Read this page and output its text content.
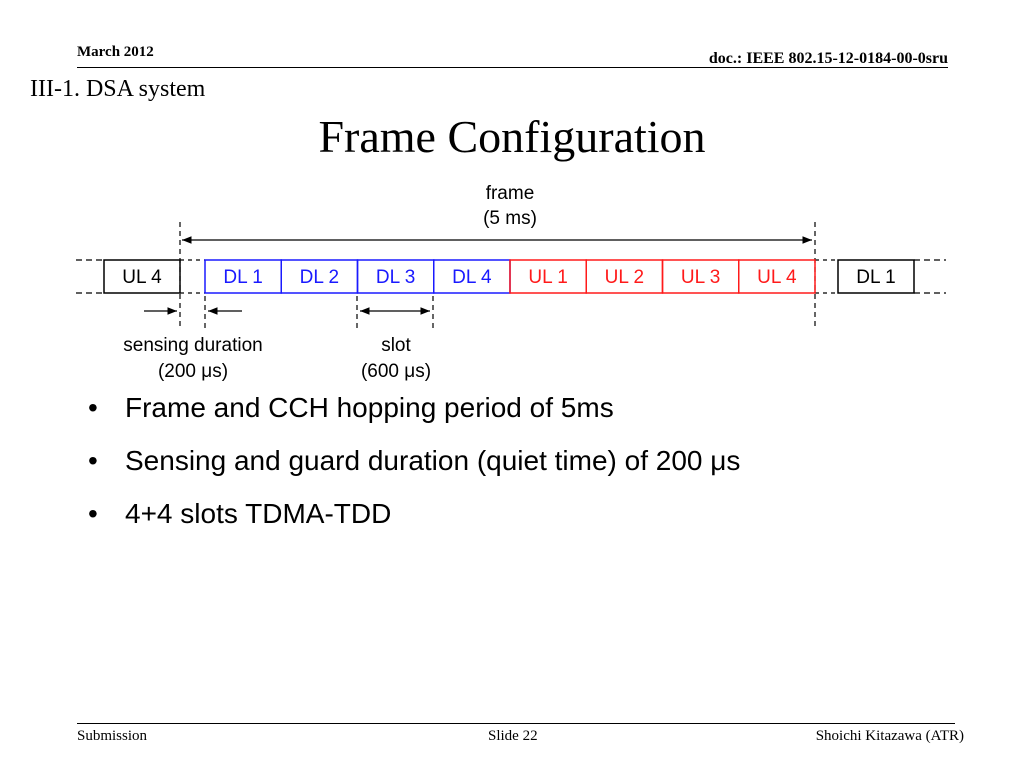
March 2012	doc.: IEEE 802.15-12-0184-00-0sru
III-1. DSA system
Frame Configuration
frame
(5 ms)
UL 4	DL 1 DL 2 DL 3 DL 4 UL 1 UL 2 UL 3 UL 4	DL 1
sensing duration
(200 μs)
slot
(600 μs)
• Frame and CCH hopping period of 5ms
• Sensing and guard duration (quiet time) of 200 μs
• 4+4 slots TDMA-TDD
Submission	Slide 22	Shoichi Kitazawa (ATR)
